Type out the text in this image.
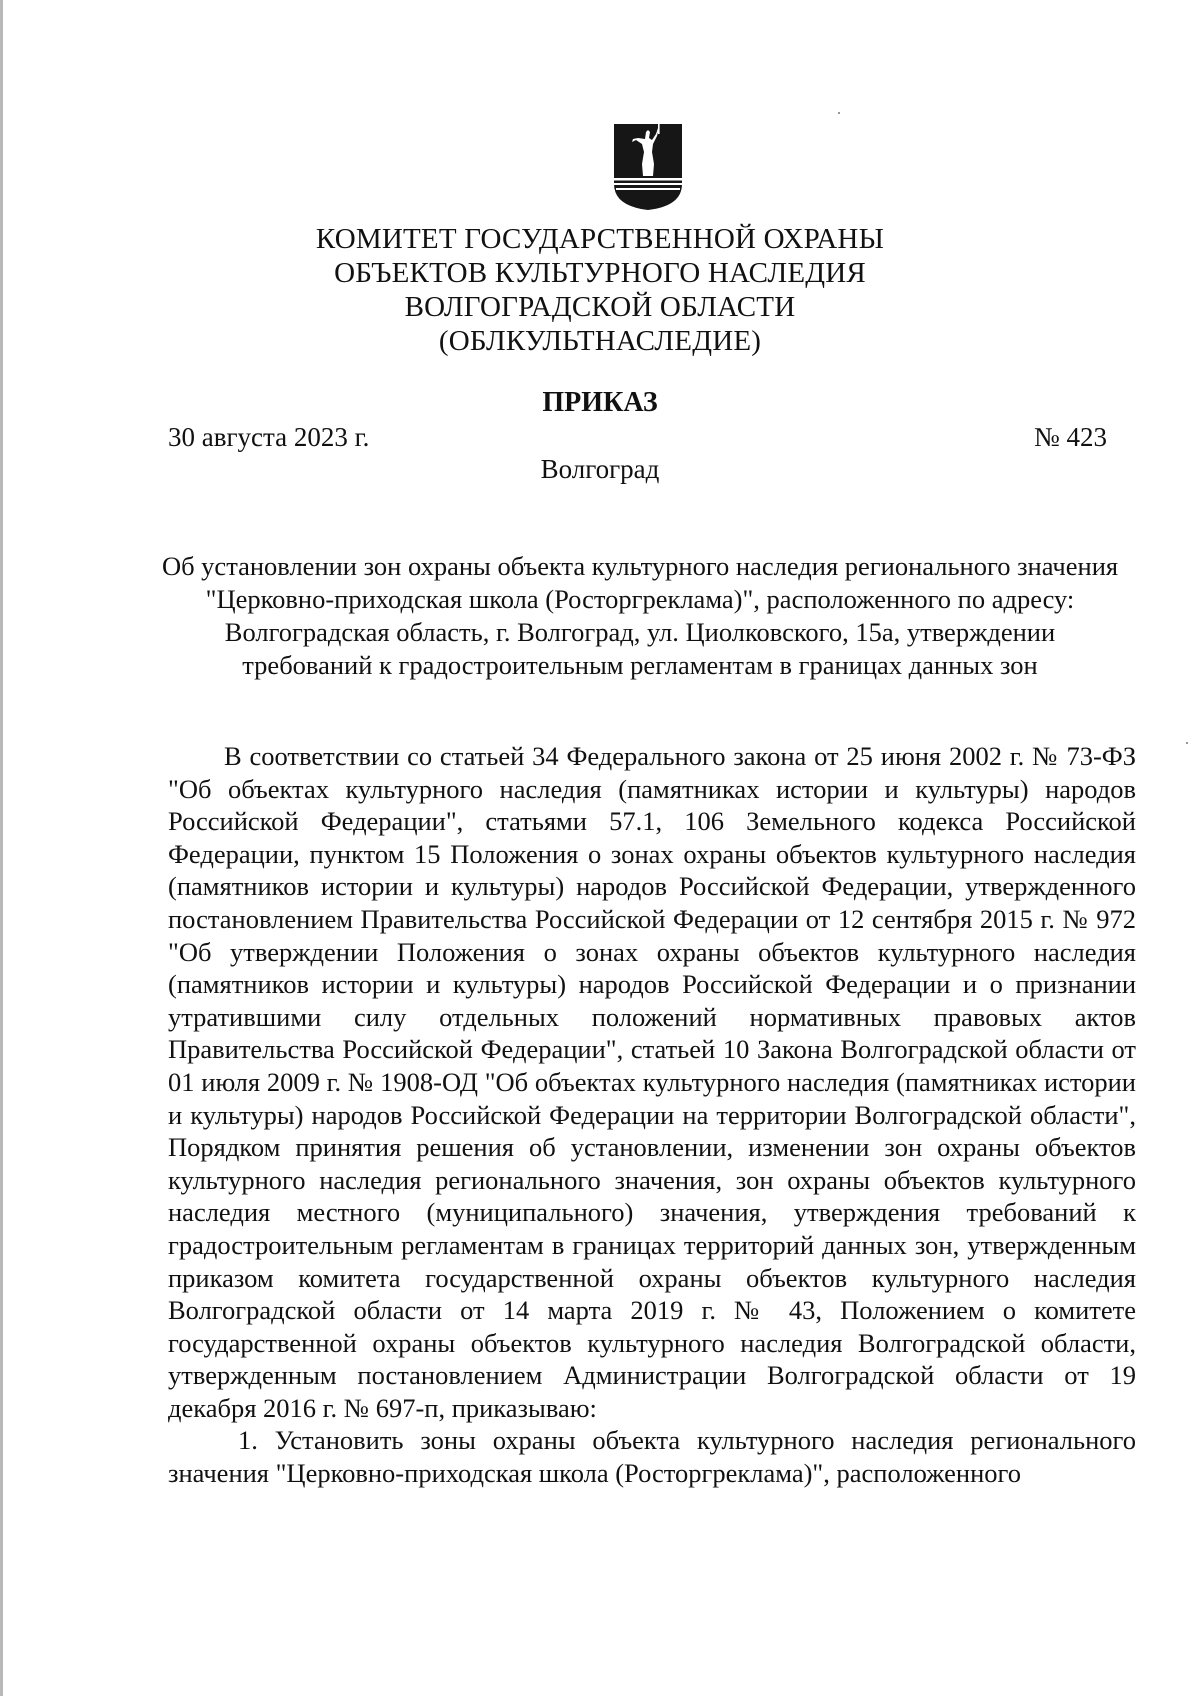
КОМИТЕТ ГОСУДАРСТВЕННОЙ ОХРАНЫ
ОБЪЕКТОВ КУЛЬТУРНОГО НАСЛЕДИЯ
ВОЛГОГРАДСКОЙ ОБЛАСТИ
(ОБЛКУЛЬТНАСЛЕДИЕ)
ПРИКАЗ
30 августа 2023 г.	№ 423
Волгоград
Об установлении зон охраны объекта культурного наследия регионального значения "Церковно-приходская школа (Росторгреклама)", расположенного по адресу: Волгоградская область, г. Волгоград, ул. Циолковского, 15а, утверждении требований к градостроительным регламентам в границах данных зон

В соответствии со статьей 34 Федерального закона от 25 июня 2002 г. № 73-ФЗ "Об объектах культурного наследия (памятниках истории и культуры) народов Российской Федерации", статьями 57.1, 106 Земельного кодекса Российской Федерации, пунктом 15 Положения о зонах охраны объектов культурного наследия (памятников истории и культуры) народов Российской Федерации, утвержденного постановлением Правительства Российской Федерации от 12 сентября 2015 г. № 972 "Об утверждении Положения о зонах охраны объектов культурного наследия (памятников истории и культуры) народов Российской Федерации и о признании утратившими силу отдельных положений нормативных правовых актов Правительства Российской Федерации", статьей 10 Закона Волгоградской области от 01 июля 2009 г. № 1908-ОД "Об объектах культурного наследия (памятниках истории и культуры) народов Российской Федерации на территории Волгоградской области", Порядком принятия решения об установлении, изменении зон охраны объектов культурного наследия регионального значения, зон охраны объектов культурного наследия местного (муниципального) значения, утверждения требований к градостроительным регламентам в границах территорий данных зон, утвержденным приказом комитета государственной охраны объектов культурного наследия Волгоградской области от 14 марта 2019 г. № 43, Положением о комитете государственной охраны объектов культурного наследия Волгоградской области, утвержденным постановлением Администрации Волгоградской области от 19 декабря 2016 г. № 697-п, приказываю:

1. Установить зоны охраны объекта культурного наследия регионального значения "Церковно-приходская школа (Росторгреклама)", расположенного
